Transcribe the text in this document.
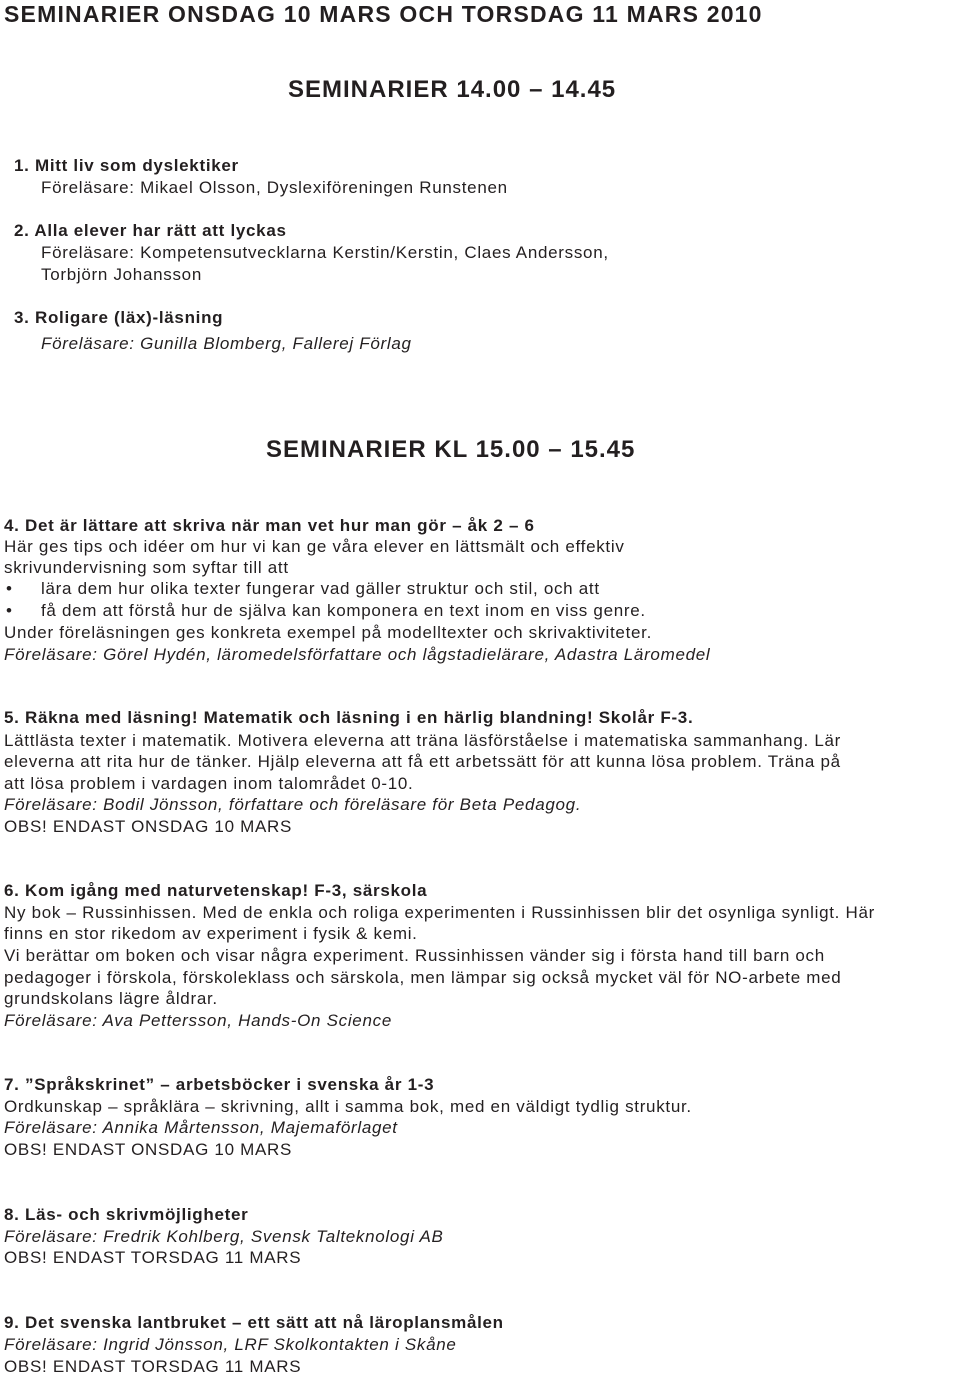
SEMINARIER ONSDAG 10 MARS OCH TORSDAG 11 MARS 2010
SEMINARIER 14.00 – 14.45
1. Mitt liv som dyslektiker
Föreläsare: Mikael Olsson, Dyslexiföreningen Runstenen
2. Alla elever har rätt att lyckas
Föreläsare: Kompetensutvecklarna Kerstin/Kerstin, Claes Andersson,
Torbjörn Johansson
3. Roligare (läx)-läsning
Föreläsare: Gunilla Blomberg, Fallerej Förlag
SEMINARIER KL 15.00 – 15.45
4. Det är lättare att skriva när man vet hur man gör – åk 2 – 6
Här ges tips och idéer om hur vi kan ge våra elever en lättsmält och effektiv
skrivundervisning som syftar till att
• lära dem hur olika texter fungerar vad gäller struktur och stil, och att
• få dem att förstå hur de själva kan komponera en text inom en viss genre.
Under föreläsningen ges konkreta exempel på modelltexter och skrivaktiviteter.
Föreläsare: Görel Hydén, läromedelsförfattare och lågstadielärare, Adastra Läromedel
5. Räkna med läsning! Matematik och läsning i en härlig blandning! Skolår F-3.
Lättlästa texter i matematik. Motivera eleverna att träna läsförståelse i matematiska sammanhang. Lär
eleverna att rita hur de tänker. Hjälp eleverna att få ett arbetssätt för att kunna lösa problem. Träna på
att lösa problem i vardagen inom talområdet 0-10.
Föreläsare: Bodil Jönsson, författare och föreläsare för Beta Pedagog.
OBS! ENDAST ONSDAG 10 MARS
6. Kom igång med naturvetenskap! F-3, särskola
Ny bok – Russinhissen. Med de enkla och roliga experimenten i Russinhissen blir det osynliga synligt. Här
finns en stor rikedom av experiment i fysik & kemi.
Vi berättar om boken och visar några experiment. Russinhissen vänder sig i första hand till barn och
pedagoger i förskola, förskoleklass och särskola, men lämpar sig också mycket väl för NO-arbete med
grundskolans lägre åldrar.
Föreläsare: Ava Pettersson, Hands-On Science
7. ”Språkskrinet” – arbetsböcker i svenska år 1-3
Ordkunskap – språklära – skrivning, allt i samma bok, med en väldigt tydlig struktur.
Föreläsare: Annika Mårtensson, Majemaförlaget
OBS! ENDAST ONSDAG 10 MARS
8. Läs- och skrivmöjligheter
Föreläsare: Fredrik Kohlberg, Svensk Talteknologi AB
OBS! ENDAST TORSDAG 11 MARS
9. Det svenska lantbruket – ett sätt att nå läroplansmålen
Föreläsare: Ingrid Jönsson, LRF Skolkontakten i Skåne
OBS! ENDAST TORSDAG 11 MARS
